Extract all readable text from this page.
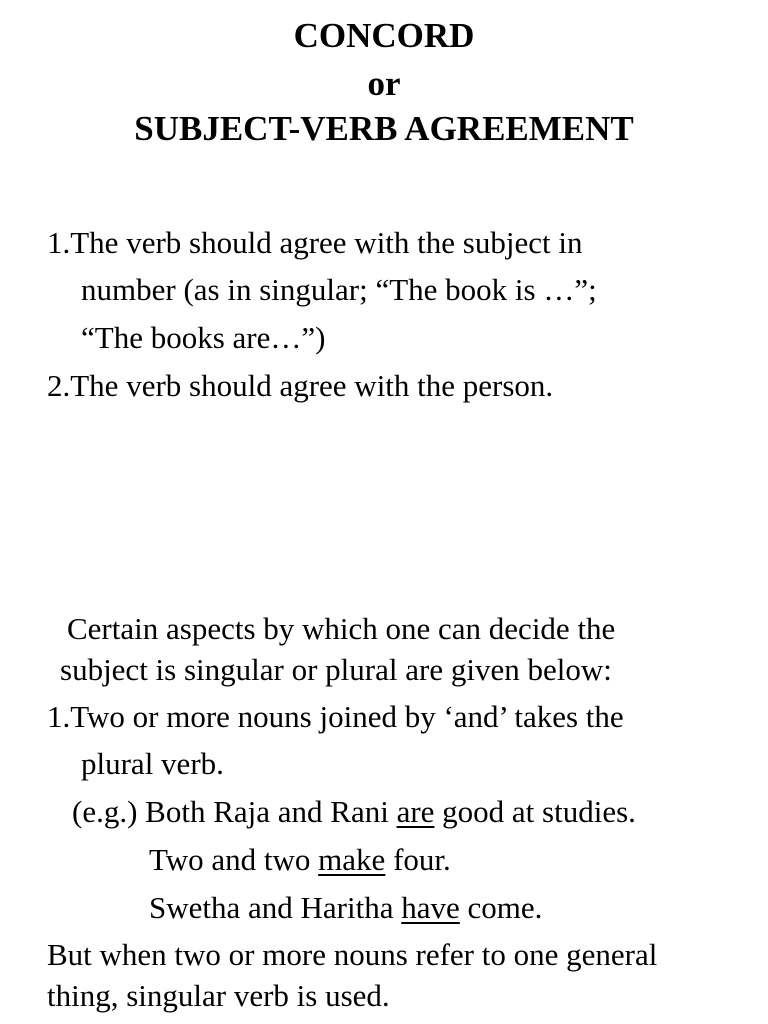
CONCORD
or
SUBJECT-VERB AGREEMENT

1.The verb should agree with the subject in

number (as in singular; “The book is …”;

“The books are…”)

2.The verb should agree with the person.

Certain aspects by which one can decide the

subject is singular or plural are given below:

1.Two or more nouns joined by ‘and’ takes the

plural verb.

(e.g.) Both Raja and Rani are good at studies.

Two and two make four.

Swetha and Haritha have come.

But when two or more nouns refer to one general

thing, singular verb is used.
